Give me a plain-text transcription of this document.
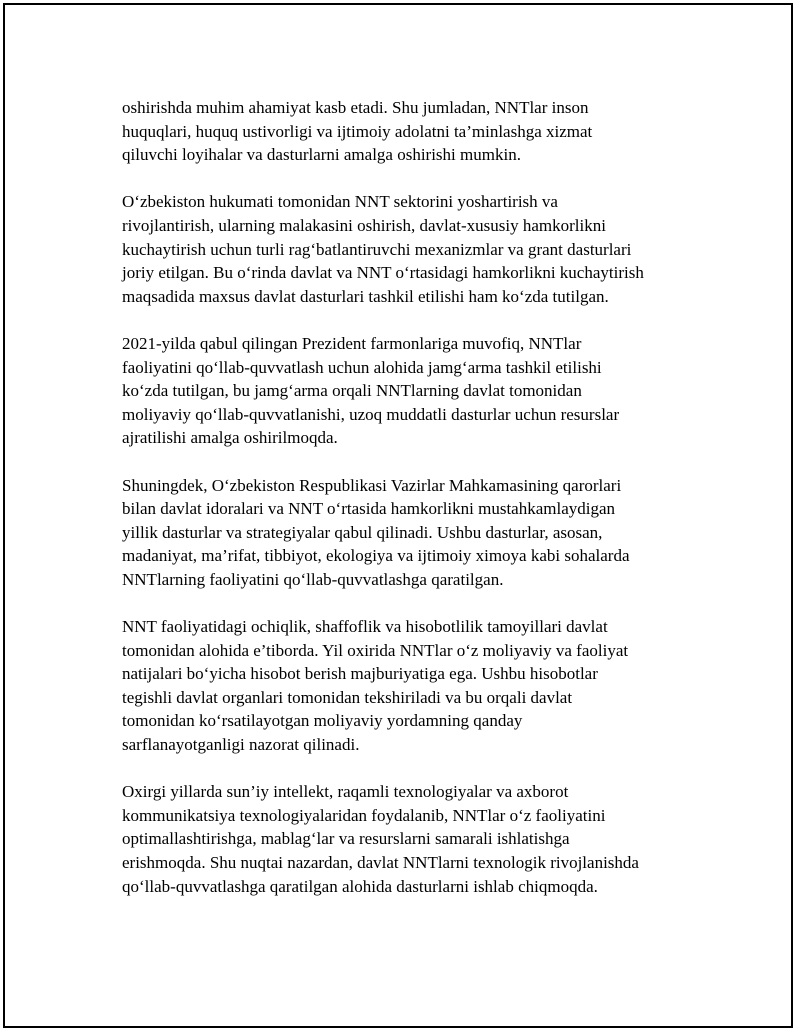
oshirishda muhim ahamiyat kasb etadi. Shu jumladan, NNTlar inson
huquqlari, huquq ustivorligi va ijtimoiy adolatni ta’minlashga xizmat
qiluvchi loyihalar va dasturlarni amalga oshirishi mumkin.

O‘zbekiston hukumati tomonidan NNT sektorini yoshartirish va
rivojlantirish, ularning malakasini oshirish, davlat-xususiy hamkorlikni
kuchaytirish uchun turli rag‘batlantiruvchi mexanizmlar va grant dasturlari
joriy etilgan. Bu o‘rinda davlat va NNT o‘rtasidagi hamkorlikni kuchaytirish
maqsadida maxsus davlat dasturlari tashkil etilishi ham ko‘zda tutilgan.

2021-yilda qabul qilingan Prezident farmonlariga muvofiq, NNTlar
faoliyatini qo‘llab-quvvatlash uchun alohida jamg‘arma tashkil etilishi
ko‘zda tutilgan, bu jamg‘arma orqali NNTlarning davlat tomonidan
moliyaviy qo‘llab-quvvatlanishi, uzoq muddatli dasturlar uchun resurslar
ajratilishi amalga oshirilmoqda.

Shuningdek, O‘zbekiston Respublikasi Vazirlar Mahkamasining qarorlari
bilan davlat idoralari va NNT o‘rtasida hamkorlikni mustahkamlaydigan
yillik dasturlar va strategiyalar qabul qilinadi. Ushbu dasturlar, asosan,
madaniyat, ma’rifat, tibbiyot, ekologiya va ijtimoiy ximoya kabi sohalarda
NNTlarning faoliyatini qo‘llab-quvvatlashga qaratilgan.

NNT faoliyatidagi ochiqlik, shaffoflik va hisobotlilik tamoyillari davlat
tomonidan alohida e’tiborda. Yil oxirida NNTlar o‘z moliyaviy va faoliyat
natijalari bo‘yicha hisobot berish majburiyatiga ega. Ushbu hisobotlar
tegishli davlat organlari tomonidan tekshiriladi va bu orqali davlat
tomonidan ko‘rsatilayotgan moliyaviy yordamning qanday
sarflanayotganligi nazorat qilinadi.

Oxirgi yillarda sun’iy intellekt, raqamli texnologiyalar va axborot
kommunikatsiya texnologiyalaridan foydalanib, NNTlar o‘z faoliyatini
optimallashtirishga, mablag‘lar va resurslarni samarali ishlatishga
erishmoqda. Shu nuqtai nazardan, davlat NNTlarni texnologik rivojlanishda
qo‘llab-quvvatlashga qaratilgan alohida dasturlarni ishlab chiqmoqda.
